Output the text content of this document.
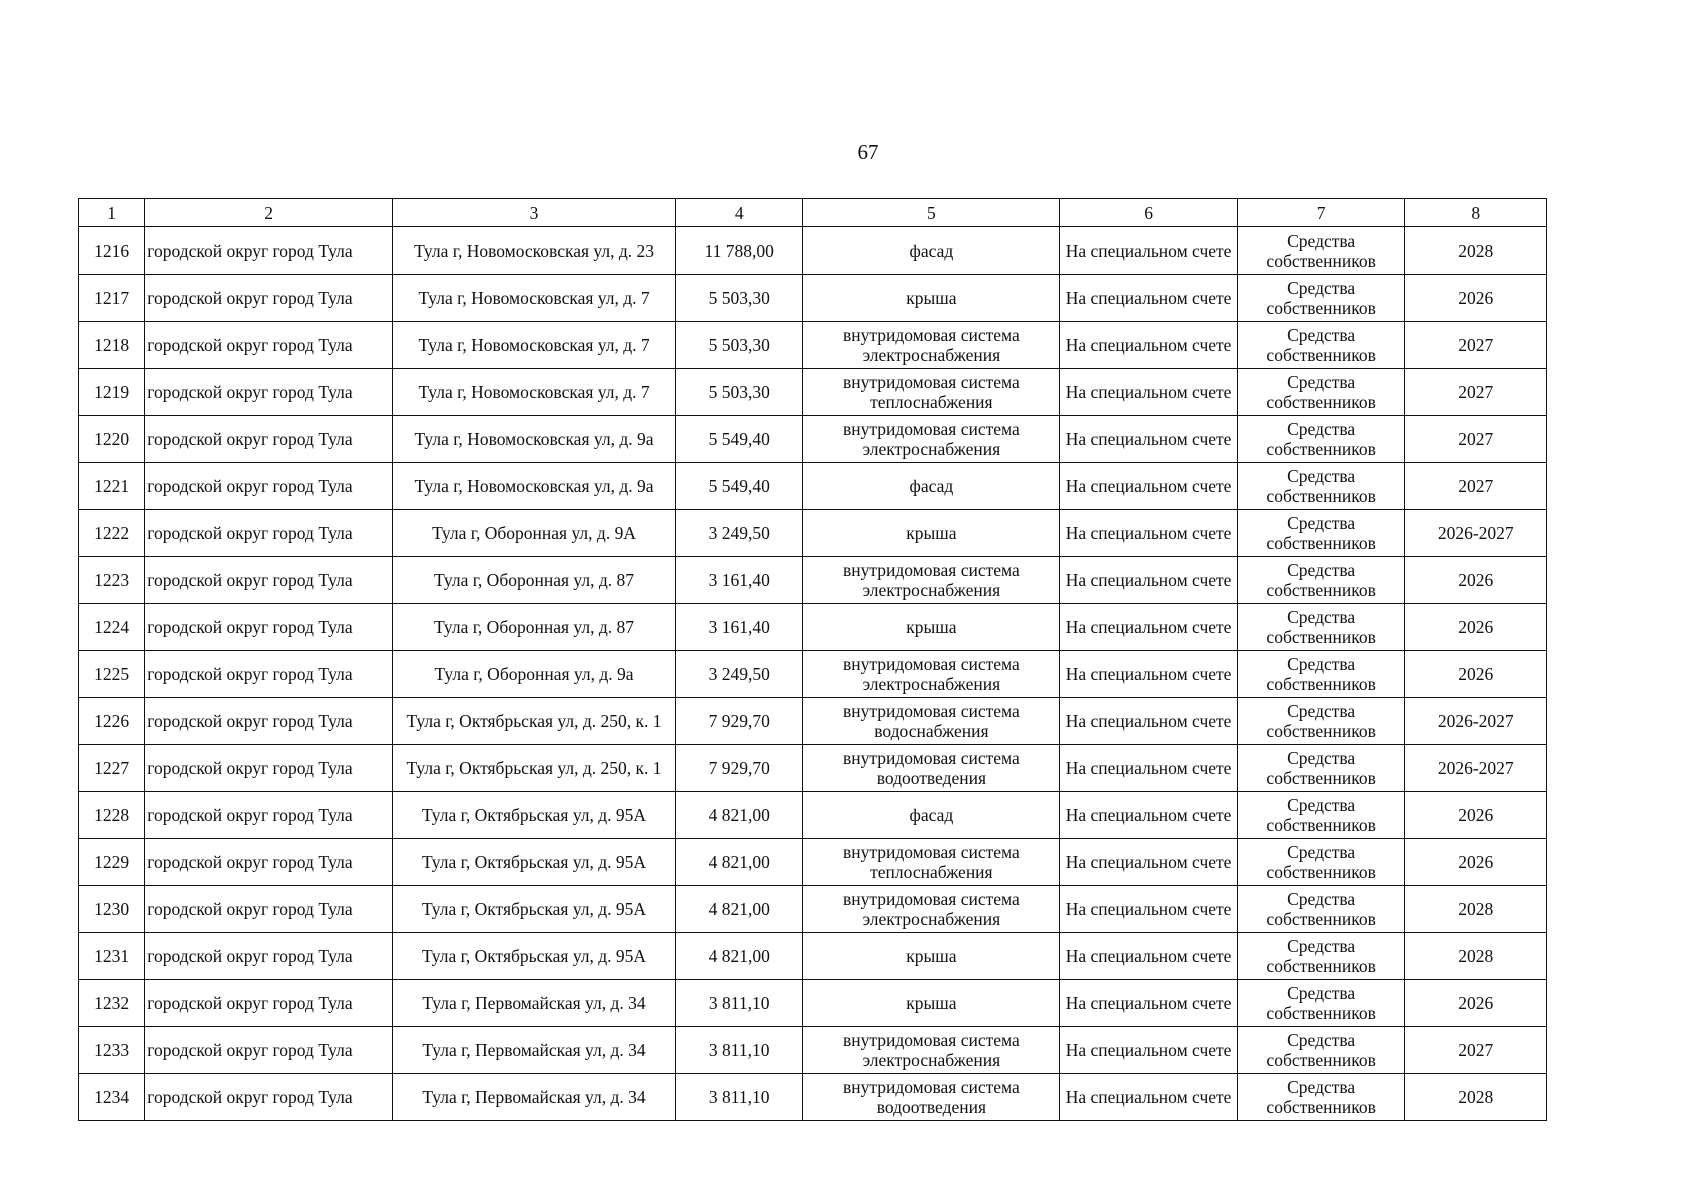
67
1	2	3	4	5	6	7	8
1216	городской округ город Тула	Тула г, Новомосковская ул, д. 23	11 788,00	фасад	На специальном счете	Средства собственников	2028
1217	городской округ город Тула	Тула г, Новомосковская ул, д. 7	5 503,30	крыша	На специальном счете	Средства собственников	2026
1218	городской округ город Тула	Тула г, Новомосковская ул, д. 7	5 503,30	внутридомовая система электроснабжения	На специальном счете	Средства собственников	2027
1219	городской округ город Тула	Тула г, Новомосковская ул, д. 7	5 503,30	внутридомовая система теплоснабжения	На специальном счете	Средства собственников	2027
1220	городской округ город Тула	Тула г, Новомосковская ул, д. 9а	5 549,40	внутридомовая система электроснабжения	На специальном счете	Средства собственников	2027
1221	городской округ город Тула	Тула г, Новомосковская ул, д. 9а	5 549,40	фасад	На специальном счете	Средства собственников	2027
1222	городской округ город Тула	Тула г, Оборонная ул, д. 9А	3 249,50	крыша	На специальном счете	Средства собственников	2026-2027
1223	городской округ город Тула	Тула г, Оборонная ул, д. 87	3 161,40	внутридомовая система электроснабжения	На специальном счете	Средства собственников	2026
1224	городской округ город Тула	Тула г, Оборонная ул, д. 87	3 161,40	крыша	На специальном счете	Средства собственников	2026
1225	городской округ город Тула	Тула г, Оборонная ул, д. 9а	3 249,50	внутридомовая система электроснабжения	На специальном счете	Средства собственников	2026
1226	городской округ город Тула	Тула г, Октябрьская ул, д. 250, к. 1	7 929,70	внутридомовая система водоснабжения	На специальном счете	Средства собственников	2026-2027
1227	городской округ город Тула	Тула г, Октябрьская ул, д. 250, к. 1	7 929,70	внутридомовая система водоотведения	На специальном счете	Средства собственников	2026-2027
1228	городской округ город Тула	Тула г, Октябрьская ул, д. 95А	4 821,00	фасад	На специальном счете	Средства собственников	2026
1229	городской округ город Тула	Тула г, Октябрьская ул, д. 95А	4 821,00	внутридомовая система теплоснабжения	На специальном счете	Средства собственников	2026
1230	городской округ город Тула	Тула г, Октябрьская ул, д. 95А	4 821,00	внутридомовая система электроснабжения	На специальном счете	Средства собственников	2028
1231	городской округ город Тула	Тула г, Октябрьская ул, д. 95А	4 821,00	крыша	На специальном счете	Средства собственников	2028
1232	городской округ город Тула	Тула г, Первомайская ул, д. 34	3 811,10	крыша	На специальном счете	Средства собственников	2026
1233	городской округ город Тула	Тула г, Первомайская ул, д. 34	3 811,10	внутридомовая система электроснабжения	На специальном счете	Средства собственников	2027
1234	городской округ город Тула	Тула г, Первомайская ул, д. 34	3 811,10	внутридомовая система водоотведения	На специальном счете	Средства собственников	2028
